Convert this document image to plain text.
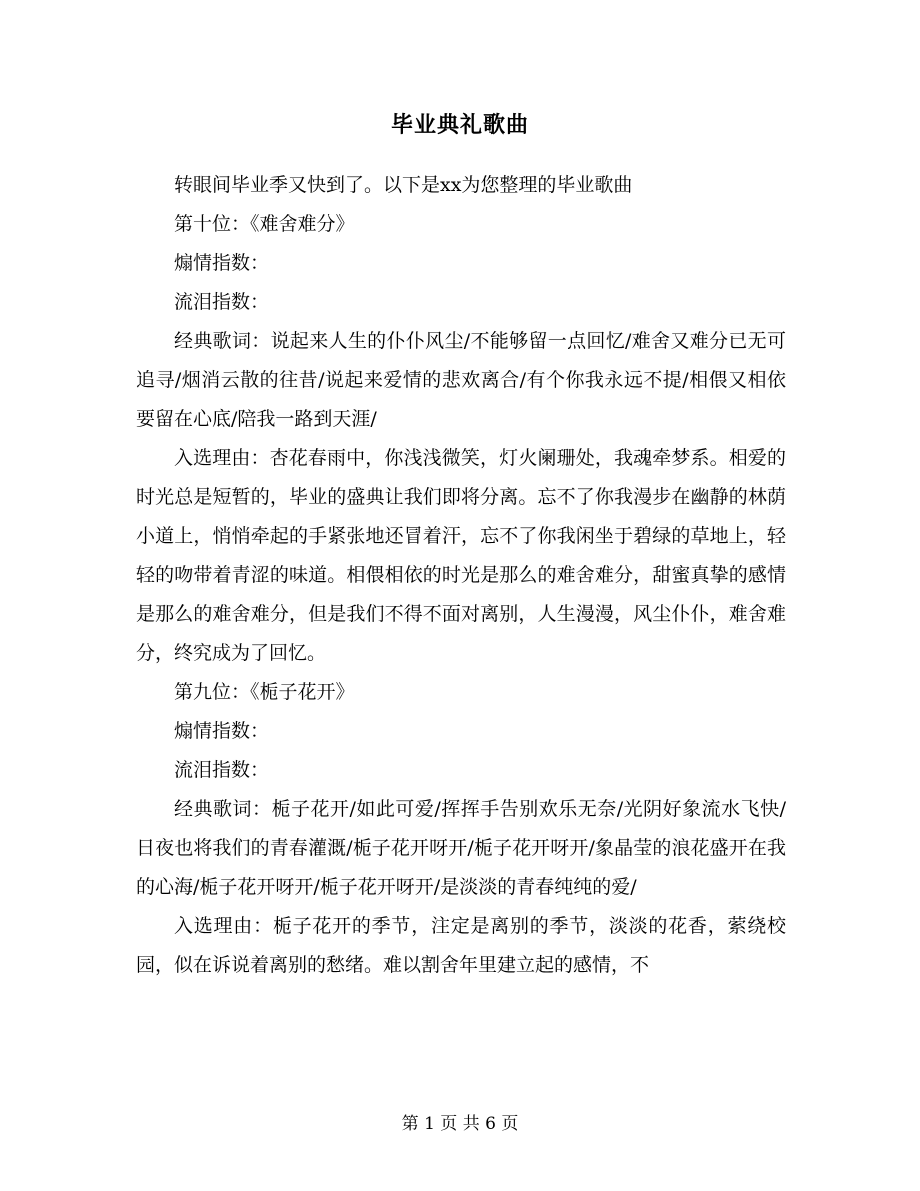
毕业典礼歌曲

转眼间毕业季又快到了。以下是xx为您整理的毕业歌曲

第十位：《难舍难分》

煽情指数：

流泪指数：

经典歌词：说起来人生的仆仆风尘/不能够留一点回忆/难舍又难分已无可追寻/烟消云散的往昔/说起来爱情的悲欢离合/有个你我永远不提/相偎又相依要留在心底/陪我一路到天涯/

入选理由：杏花春雨中，你浅浅微笑，灯火阑珊处，我魂牵梦系。相爱的时光总是短暂的，毕业的盛典让我们即将分离。忘不了你我漫步在幽静的林荫小道上，悄悄牵起的手紧张地还冒着汗，忘不了你我闲坐于碧绿的草地上，轻轻的吻带着青涩的味道。相偎相依的时光是那么的难舍难分，甜蜜真挚的感情是那么的难舍难分，但是我们不得不面对离别，人生漫漫，风尘仆仆，难舍难分，终究成为了回忆。

第九位：《栀子花开》

煽情指数：

流泪指数：

经典歌词：栀子花开/如此可爱/挥挥手告别欢乐无奈/光阴好象流水飞快/日夜也将我们的青春灌溉/栀子花开呀开/栀子花开呀开/象晶莹的浪花盛开在我的心海/栀子花开呀开/栀子花开呀开/是淡淡的青春纯纯的爱/

入选理由：栀子花开的季节，注定是离别的季节，淡淡的花香，萦绕校园，似在诉说着离别的愁绪。难以割舍年里建立起的感情，不

第 1 页 共 6 页
